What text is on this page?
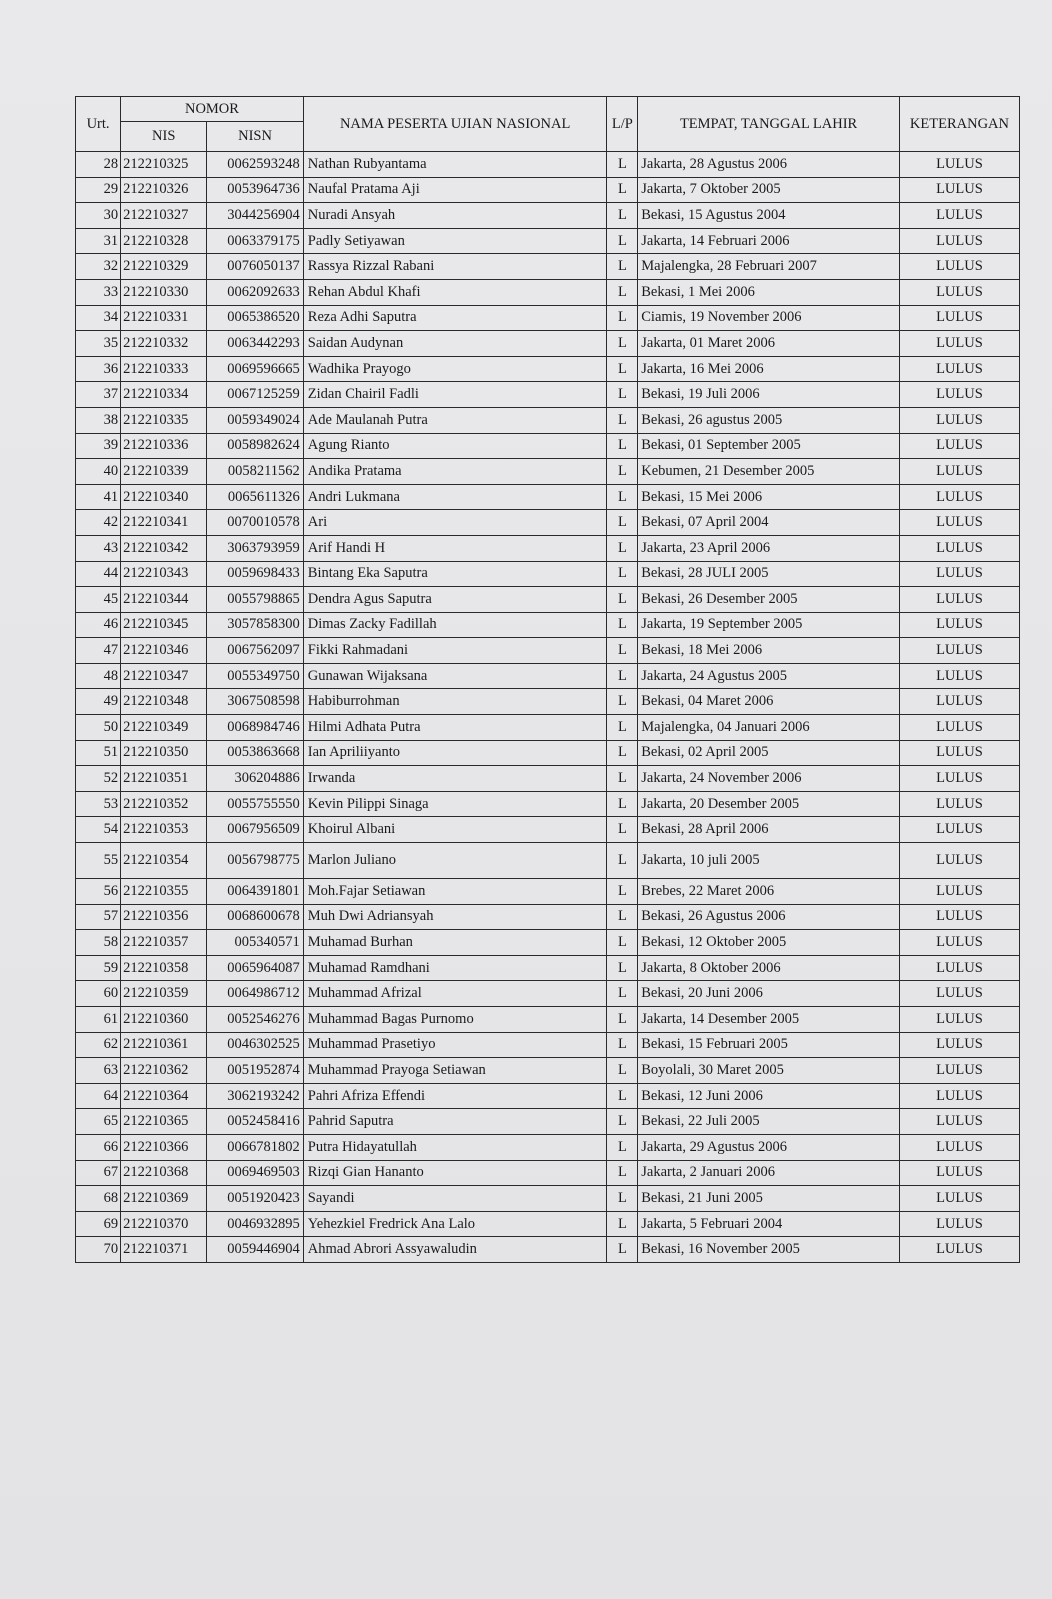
Urt.	NOMOR		NAMA PESERTA UJIAN NASIONAL	L/P	TEMPAT, TANGGAL LAHIR	KETERANGAN
	NIS	NISN				
28	212210325	0062593248	Nathan Rubyantama	L	Jakarta, 28 Agustus 2006	LULUS
29	212210326	0053964736	Naufal Pratama Aji	L	Jakarta, 7 Oktober 2005	LULUS
30	212210327	3044256904	Nuradi Ansyah	L	Bekasi, 15 Agustus 2004	LULUS
31	212210328	0063379175	Padly Setiyawan	L	Jakarta, 14 Februari 2006	LULUS
32	212210329	0076050137	Rassya Rizzal Rabani	L	Majalengka, 28 Februari 2007	LULUS
33	212210330	0062092633	Rehan Abdul Khafi	L	Bekasi, 1 Mei 2006	LULUS
34	212210331	0065386520	Reza Adhi Saputra	L	Ciamis, 19 November 2006	LULUS
35	212210332	0063442293	Saidan Audynan	L	Jakarta, 01 Maret 2006	LULUS
36	212210333	0069596665	Wadhika Prayogo	L	Jakarta, 16 Mei 2006	LULUS
37	212210334	0067125259	Zidan Chairil Fadli	L	Bekasi, 19 Juli 2006	LULUS
38	212210335	0059349024	Ade Maulanah Putra	L	Bekasi, 26 agustus 2005	LULUS
39	212210336	0058982624	Agung Rianto	L	Bekasi, 01 September 2005	LULUS
40	212210339	0058211562	Andika Pratama	L	Kebumen, 21 Desember 2005	LULUS
41	212210340	0065611326	Andri Lukmana	L	Bekasi, 15 Mei 2006	LULUS
42	212210341	0070010578	Ari	L	Bekasi, 07 April 2004	LULUS
43	212210342	3063793959	Arif Handi H	L	Jakarta, 23 April 2006	LULUS
44	212210343	0059698433	Bintang Eka Saputra	L	Bekasi, 28 JULI 2005	LULUS
45	212210344	0055798865	Dendra Agus Saputra	L	Bekasi, 26 Desember 2005	LULUS
46	212210345	3057858300	Dimas Zacky Fadillah	L	Jakarta, 19 September 2005	LULUS
47	212210346	0067562097	Fikki Rahmadani	L	Bekasi, 18 Mei 2006	LULUS
48	212210347	0055349750	Gunawan Wijaksana	L	Jakarta, 24 Agustus 2005	LULUS
49	212210348	3067508598	Habiburrohman	L	Bekasi, 04 Maret 2006	LULUS
50	212210349	0068984746	Hilmi Adhata Putra	L	Majalengka, 04 Januari 2006	LULUS
51	212210350	0053863668	Ian Apriliiyanto	L	Bekasi, 02 April 2005	LULUS
52	212210351	306204886	Irwanda	L	Jakarta, 24 November 2006	LULUS
53	212210352	0055755550	Kevin Pilippi Sinaga	L	Jakarta, 20 Desember 2005	LULUS
54	212210353	0067956509	Khoirul Albani	L	Bekasi, 28 April 2006	LULUS
55	212210354	0056798775	Marlon Juliano	L	Jakarta, 10 juli 2005	LULUS
56	212210355	0064391801	Moh.Fajar Setiawan	L	Brebes, 22 Maret 2006	LULUS
57	212210356	0068600678	Muh Dwi Adriansyah	L	Bekasi, 26 Agustus 2006	LULUS
58	212210357	005340571	Muhamad Burhan	L	Bekasi, 12 Oktober 2005	LULUS
59	212210358	0065964087	Muhamad Ramdhani	L	Jakarta, 8 Oktober 2006	LULUS
60	212210359	0064986712	Muhammad Afrizal	L	Bekasi, 20 Juni 2006	LULUS
61	212210360	0052546276	Muhammad Bagas Purnomo	L	Jakarta, 14 Desember 2005	LULUS
62	212210361	0046302525	Muhammad Prasetiyo	L	Bekasi, 15 Februari 2005	LULUS
63	212210362	0051952874	Muhammad Prayoga Setiawan	L	Boyolali, 30 Maret 2005	LULUS
64	212210364	3062193242	Pahri Afriza Effendi	L	Bekasi, 12 Juni 2006	LULUS
65	212210365	0052458416	Pahrid Saputra	L	Bekasi, 22 Juli 2005	LULUS
66	212210366	0066781802	Putra Hidayatullah	L	Jakarta, 29 Agustus 2006	LULUS
67	212210368	0069469503	Rizqi Gian Hananto	L	Jakarta, 2 Januari 2006	LULUS
68	212210369	0051920423	Sayandi	L	Bekasi, 21 Juni 2005	LULUS
69	212210370	0046932895	Yehezkiel Fredrick Ana Lalo	L	Jakarta, 5 Februari 2004	LULUS
70	212210371	0059446904	Ahmad Abrori Assyawaludin	L	Bekasi, 16 November 2005	LULUS
